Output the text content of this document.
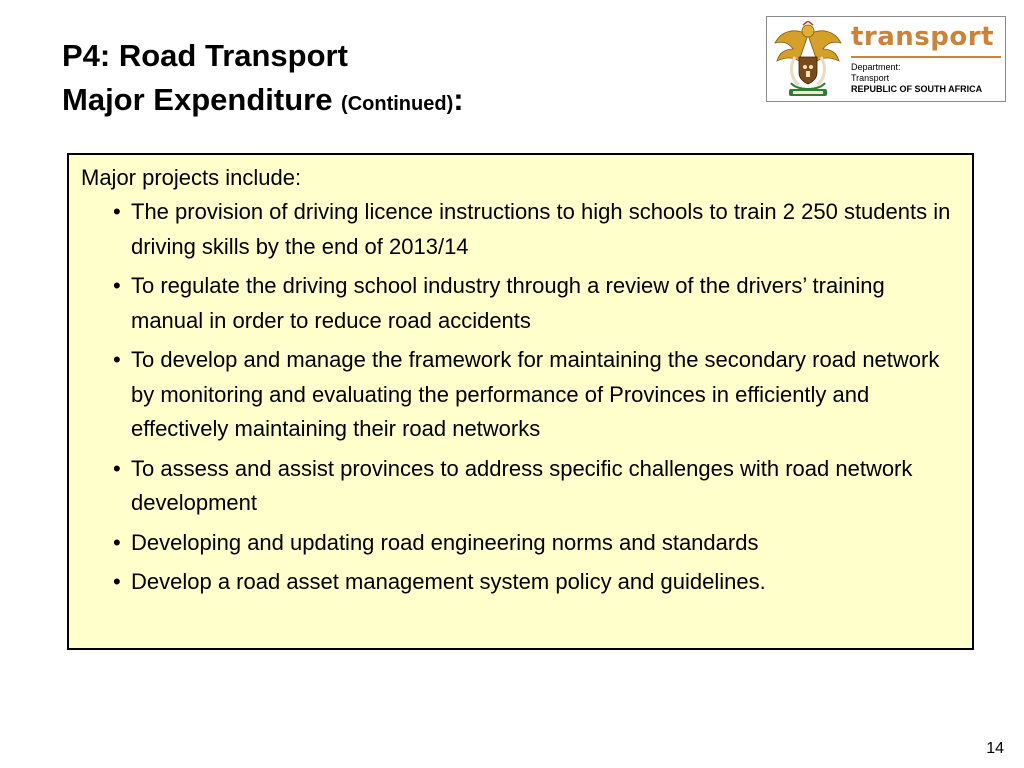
P4: Road Transport
Major Expenditure (Continued):
transport
Department:
Transport
REPUBLIC OF SOUTH AFRICA
Major projects include:
• The provision of driving licence instructions to high schools to train 2 250 students in driving skills by the end of 2013/14
• To regulate the driving school industry through a review of the drivers’ training manual in order to reduce road accidents
• To develop and manage the framework for maintaining the secondary road network by monitoring and evaluating the performance of Provinces in efficiently and effectively maintaining their road networks
• To assess and assist provinces to address specific challenges with road network development
• Developing and updating road engineering norms and standards
• Develop a road asset management system policy and guidelines.
14
